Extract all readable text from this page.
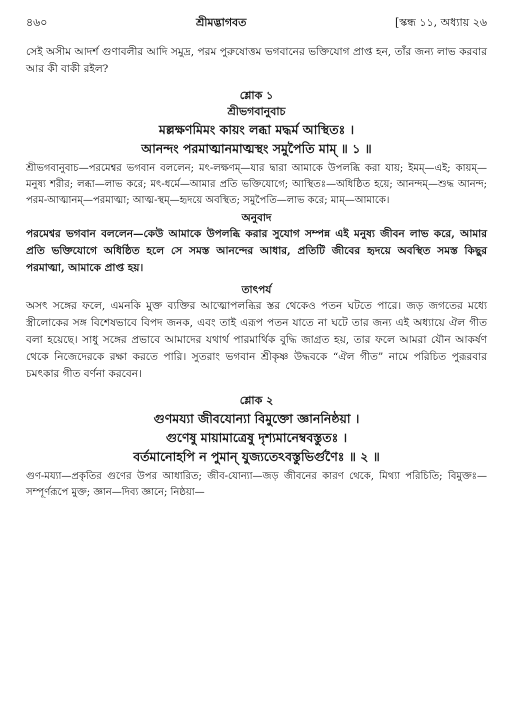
৪৬০	শ্রীমদ্ভাগবত	[স্কন্ধ ১১, অধ্যায় ২৬

সেই অসীম আদর্শ গুণাবলীর আদি সমুদ্র, পরম পুরুষোত্তম ভগবানের ভক্তিযোগ প্রাপ্ত হন, তাঁর জন্য লাভ করবার আর কী বাকী রইল?

শ্লোক ১
শ্রীভগবানুবাচ
মল্লক্ষণমিমং কায়ং লব্ধা মদ্ধর্ম আস্থিতঃ ।
আনন্দং পরমাত্মানমাত্মস্থং সমুপৈতি মাম্ ॥ ১ ॥

শ্রীভগবানুবাচ—পরমেশ্বর ভগবান বললেন; মৎ-লক্ষণম্—যার দ্বারা আমাকে উপলব্ধি করা যায়; ইমম্—এই; কায়ম্—মনুষ্য শরীর; লব্ধা—লাভ করে; মৎ-ধর্মে—আমার প্রতি ভক্তিযোগে; আস্থিতঃ—অধিষ্ঠিত হয়ে; আনন্দম্—শুদ্ধ আনন্দ; পরম-আত্মানম্—পরমাত্মা; আত্ম-স্থম্—হৃদয়ে অবস্থিত; সমুপৈতি—লাভ করে; মাম্—আমাকে।

অনুবাদ

পরমেশ্বর ভগবান বললেন—কেউ আমাকে উপলব্ধি করার সুযোগ সম্পন্ন এই মনুষ্য জীবন লাভ করে, আমার প্রতি ভক্তিযোগে অধিষ্ঠিত হলে সে সমস্ত আনন্দের আধার, প্রতিটি জীবের হৃদয়ে অবস্থিত সমস্ত কিছুর পরমাত্মা, আমাকে প্রাপ্ত হয়।

তাৎপর্য

অসৎ সঙ্গের ফলে, এমনকি মুক্ত ব্যক্তির আত্মোপলব্ধির স্তর থেকেও পতন ঘটতে পারে। জড় জগতের মধ্যে স্ত্রীলোকের সঙ্গ বিশেষভাবে বিপদ জনক, এবং তাই এরূপ পতন যাতে না ঘটে তার জন্য এই অধ্যায়ে ঐল গীত বলা হয়েছে। সাধু সঙ্গের প্রভাবে আমাদের যথার্থ পারমার্থিক বুদ্ধি জাগ্রত হয়, তার ফলে আমরা যৌন আকর্ষণ থেকে নিজেদেরকে রক্ষা করতে পারি। সুতরাং ভগবান শ্রীকৃষ্ণ উদ্ধবকে “ঐল গীত” নামে পরিচিত পুরূরবার চমৎকার গীত বর্ণনা করবেন।

শ্লোক ২
গুণময্যা জীবযোন্যা বিমুক্তো জ্ঞাননিষ্ঠয়া ।
গুণেষু মায়ামাত্রেষু দৃশ্যমানেম্ববস্তুতঃ ।
বর্তমানোহপি ন পুমান্ যুজ্যতেঽবস্তুভির্গুণৈঃ ॥ ২ ॥

গুণ-ময্যা—প্রকৃতির গুণের উপর আধারিত; জীব-যোন্যা—জড় জীবনের কারণ থেকে, মিথ্যা পরিচিতি; বিমুক্তঃ—সম্পূর্ণরূপে মুক্ত; জ্ঞান—দিব্য জ্ঞানে; নিষ্ঠয়া—
